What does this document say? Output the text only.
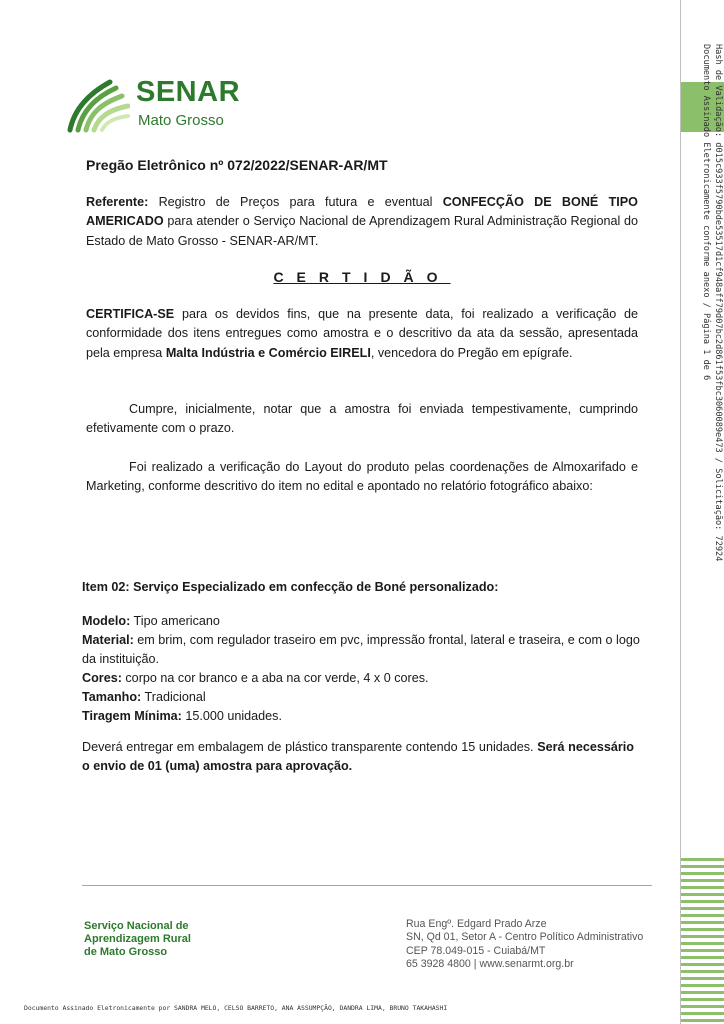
Hash de Validação: d015c933f5790bde53517d1cf948aff79d07bc2d861f53fbc3060089e473 / Solicitação: 72924
Documento Assinado Eletronicamente conforme anexo / Página 1 de 6
SENAR
Mato Grosso
Pregão Eletrônico nº 072/2022/SENAR-AR/MT
Referente: Registro de Preços para futura e eventual CONFECÇÃO DE BONÉ TIPO AMERICADO para atender o Serviço Nacional de Aprendizagem Rural Administração Regional do Estado de Mato Grosso - SENAR-AR/MT.
CERTIDÃO
CERTIFICA-SE para os devidos fins, que na presente data, foi realizado a verificação de conformidade dos itens entregues como amostra e o descritivo da ata da sessão, apresentada pela empresa Malta Indústria e Comércio EIRELI, vencedora do Pregão em epígrafe.
Cumpre, inicialmente, notar que a amostra foi enviada tempestivamente, cumprindo efetivamente com o prazo.
Foi realizado a verificação do Layout do produto pelas coordenações de Almoxarifado e Marketing, conforme descritivo do item no edital e apontado no relatório fotográfico abaixo:
Item 02: Serviço Especializado em confecção de Boné personalizado:
Modelo: Tipo americano
Material: em brim, com regulador traseiro em pvc, impressão frontal, lateral e traseira, e com o logo da instituição.
Cores: corpo na cor branco e a aba na cor verde, 4 x 0 cores.
Tamanho: Tradicional
Tiragem Mínima: 15.000 unidades.
Deverá entregar em embalagem de plástico transparente contendo 15 unidades. Será necessário o envio de 01 (uma) amostra para aprovação.
Serviço Nacional de
Aprendizagem Rural
de Mato Grosso
Rua Engº. Edgard Prado Arze
SN, Qd 01, Setor A - Centro Político Administrativo
CEP 78.049-015 - Cuiabá/MT
65 3928 4800 | www.senarmt.org.br
Documento Assinado Eletronicamente por SANDRA MELO, CELSO BARRETO, ANA ASSUMPÇÃO, DANDRA LIMA, BRUNO TAKAHASHI
